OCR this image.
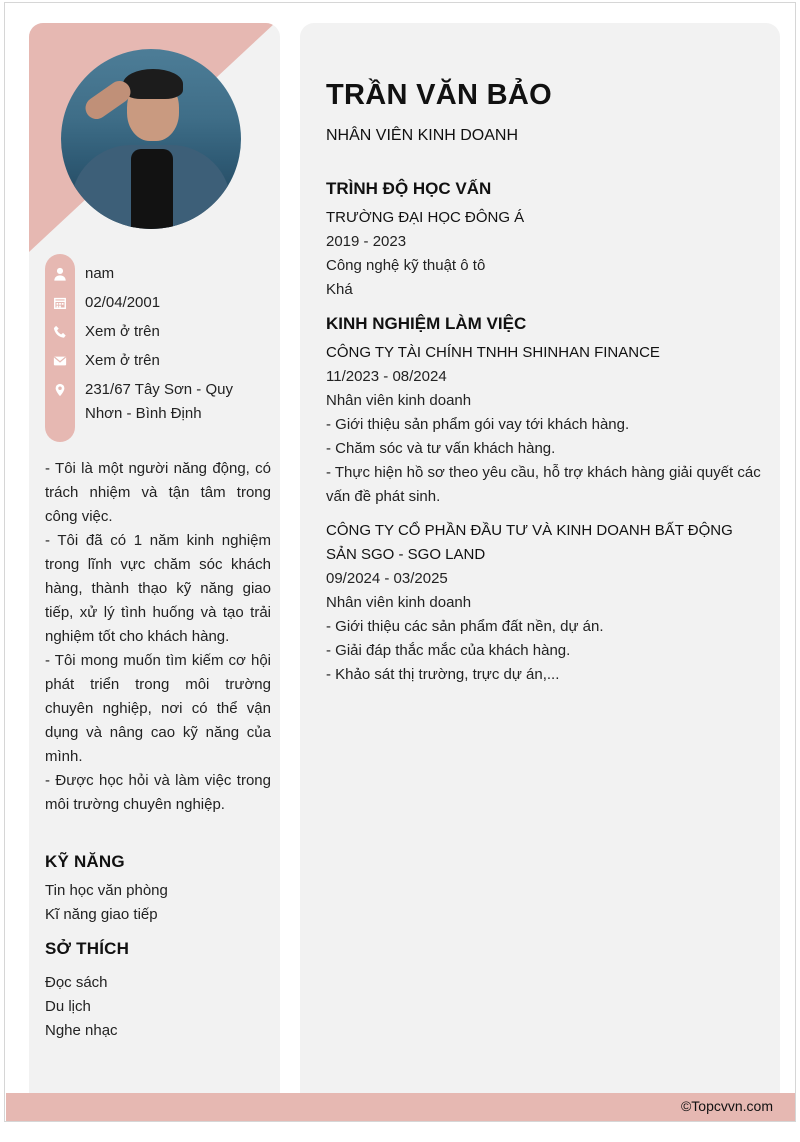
nam
02/04/2001
Xem ở trên
Xem ở trên
231/67 Tây Sơn - Quy Nhơn - Bình Định
- Tôi là một người năng động, có trách nhiệm và tận tâm trong công việc.
- Tôi đã có 1 năm kinh nghiệm trong lĩnh vực chăm sóc khách hàng, thành thạo kỹ năng giao tiếp, xử lý tình huống và tạo trải nghiệm tốt cho khách hàng.
- Tôi mong muốn tìm kiếm cơ hội phát triển trong môi trường chuyên nghiệp, nơi có thể vận dụng và nâng cao kỹ năng của mình.
- Được học hỏi và làm việc trong môi trường chuyên nghiệp.
KỸ NĂNG
Tin học văn phòng
Kĩ năng giao tiếp
SỞ THÍCH
Đọc sách
Du lịch
Nghe nhạc
TRẦN VĂN BẢO
NHÂN VIÊN KINH DOANH
TRÌNH ĐỘ HỌC VẤN
TRƯỜNG ĐẠI HỌC ĐÔNG Á
2019 - 2023
Công nghệ kỹ thuật ô tô
Khá
KINH NGHIỆM LÀM VIỆC
CÔNG TY TÀI CHÍNH TNHH SHINHAN FINANCE
11/2023 - 08/2024
Nhân viên kinh doanh
- Giới thiệu sản phẩm gói vay tới khách hàng.
- Chăm sóc và tư vấn khách hàng.
- Thực hiện hồ sơ theo yêu cầu, hỗ trợ khách hàng giải quyết các vấn đề phát sinh.
CÔNG TY CỔ PHẦN ĐẦU TƯ VÀ KINH DOANH BẤT ĐỘNG SẢN SGO - SGO LAND
09/2024 - 03/2025
Nhân viên kinh doanh
- Giới thiệu các sản phẩm đất nền, dự án.
- Giải đáp thắc mắc của khách hàng.
- Khảo sát thị trường, trực dự án,...
©Topcvvn.com
